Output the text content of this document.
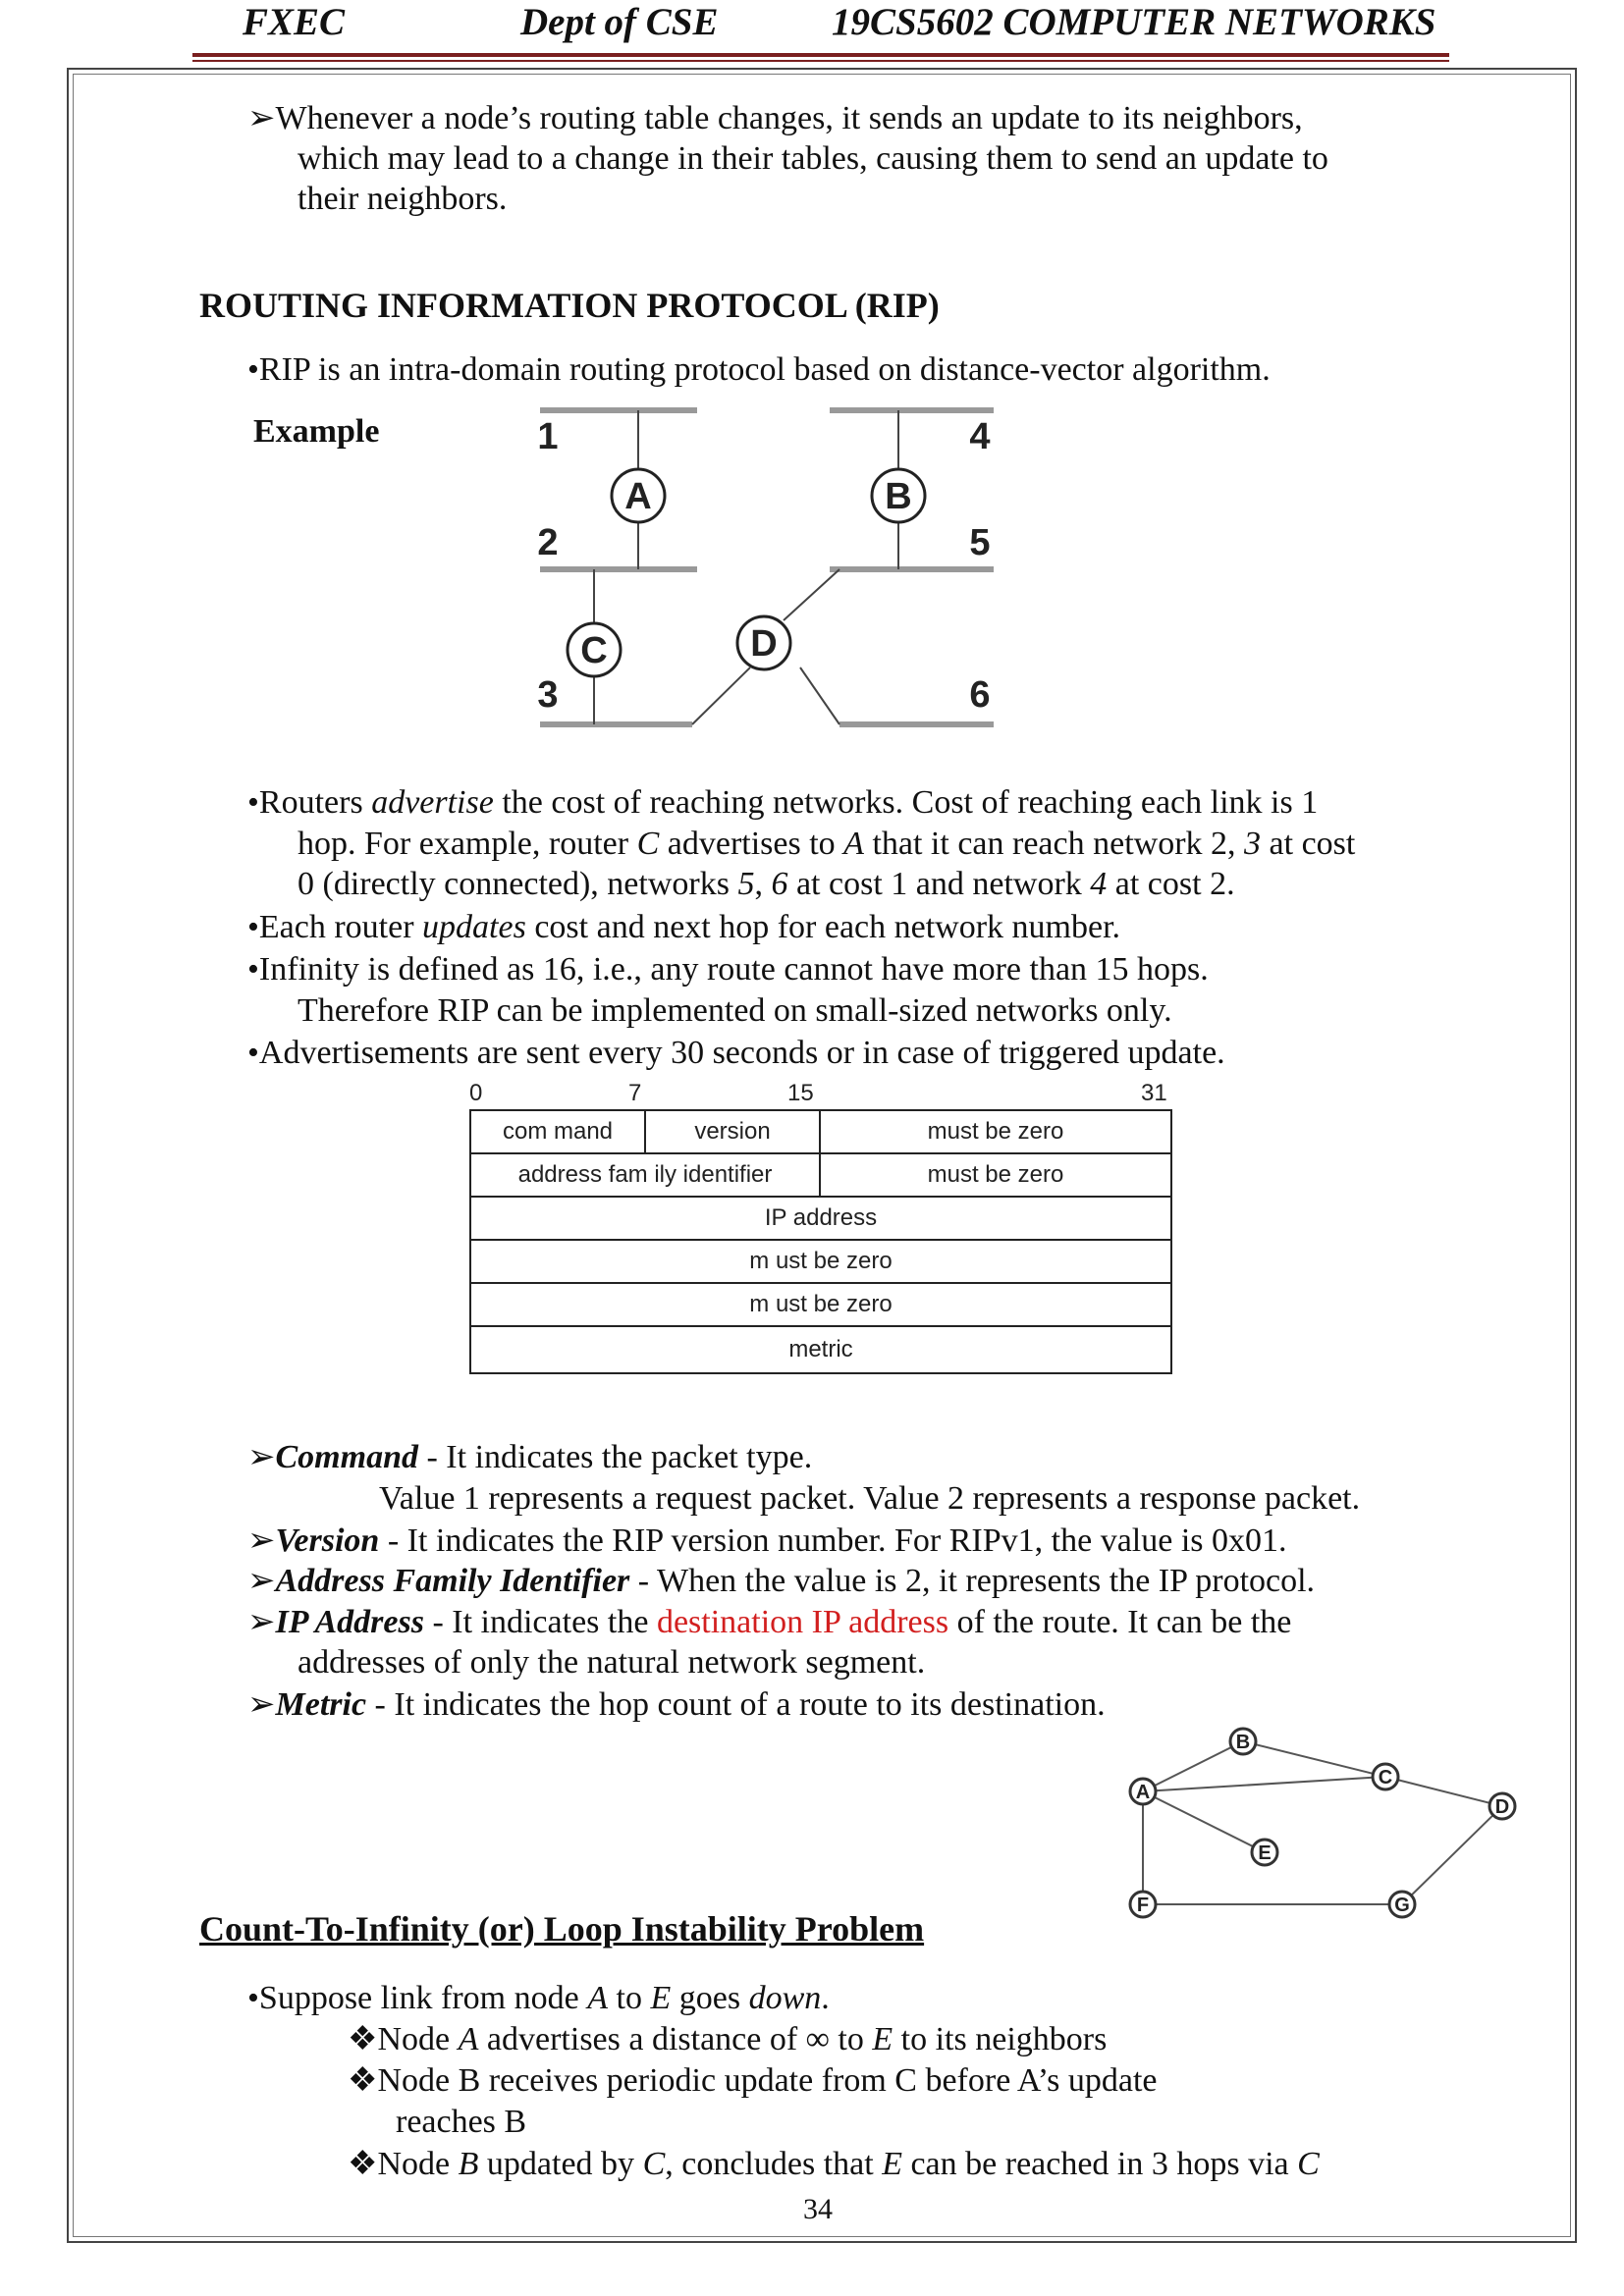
FXEC	Dept of CSE	19CS5602 COMPUTER NETWORKS
➢Whenever a node’s routing table changes, it sends an update to its neighbors,
which may lead to a change in their tables, causing them to send an update to
their neighbors.
ROUTING INFORMATION PROTOCOL (RIP)
•RIP is an intra-domain routing protocol based on distance-vector algorithm.
Example
A	B
C	D
1
2
3
4
5
6
•Routers advertise the cost of reaching networks. Cost of reaching each link is 1
hop. For example, router C advertises to A that it can reach network 2, 3 at cost
0 (directly connected), networks 5, 6 at cost 1 and network 4 at cost 2.
•Each router updates cost and next hop for each network number.
•Infinity is defined as 16, i.e., any route cannot have more than 15 hops.
Therefore RIP can be implemented on small-sized networks only.
•Advertisements are sent every 30 seconds or in case of triggered update.
0	7	15	31
com mand	version	must be zero
address fam ily identifier	must be zero
IP address
m ust be zero
m ust be zero
metric
➢Command - It indicates the packet type.
Value 1 represents a request packet. Value 2 represents a response packet.
➢Version - It indicates the RIP version number. For RIPv1, the value is 0x01.
➢Address Family Identifier - When the value is 2, it represents the IP protocol.
➢IP Address - It indicates the destination IP address of the route. It can be the
addresses of only the natural network segment.
➢Metric - It indicates the hop count of a route to its destination.
A
B
C
D
E
F	G
Count-To-Infinity (or) Loop Instability Problem
•Suppose link from node A to E goes down.
❖Node A advertises a distance of ∞ to E to its neighbors
❖Node B receives periodic update from C before A’s update
reaches B
❖Node B updated by C, concludes that E can be reached in 3 hops via C
34
